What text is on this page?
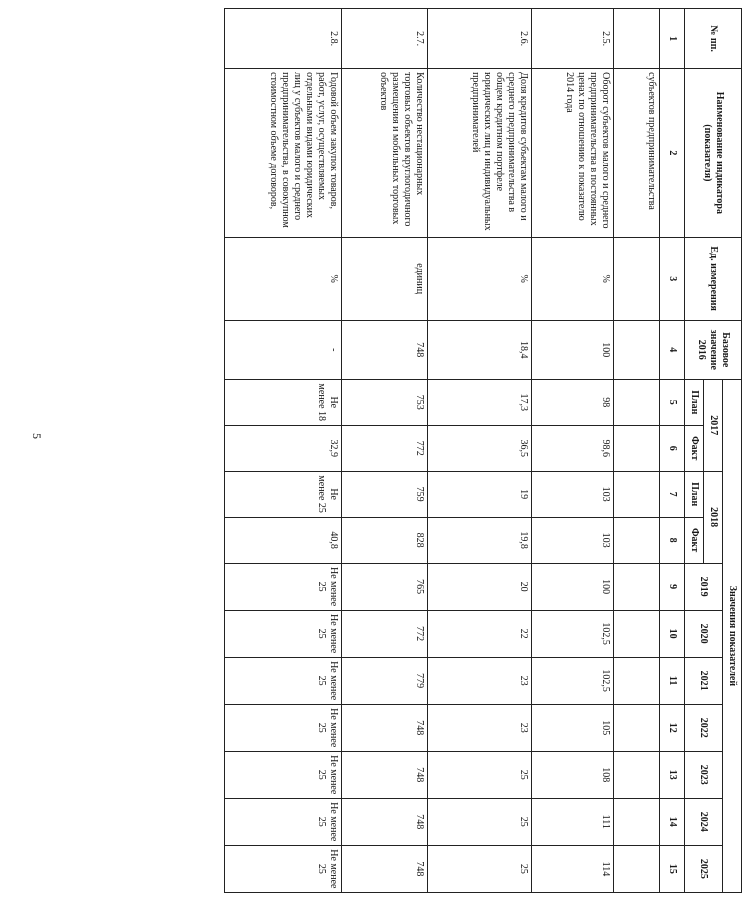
5
№ пп.	Наименование индикатора (показателя)	Ед. измерения	Базовое значение 2016	Значения показателей										
				2017		2018		2019	2020	2021	2022	2023	2024	2025
				План	Факт	План	Факт							
1	2	3	4	5	6	7	8	9	10	11	12	13	14	15
	субъектов предпринимательства													
2.5.	Оборот субъектов малого и среднего предпринимательства в постоянных ценах по отношению к показателю 2014 года	%	100	98	98,6	103	103	100	102,5	102,5	105	108	111	114
2.6.	Доля кредитов субъектам малого и среднего предпринимательства в общем кредитном портфеле юридических лиц и индивидуальных предпринимателей	%	18,4	17,3	36,5	19	19,8	20	22	23	23	25	25	25
2.7.	Количество нестационарных торговых объектов круглогодичного размещения и мобильных торговых объектов	единиц	748	753	772	759	828	765	772	779	748	748	748	748
2.8.	Годовой объем закупок товаров, работ, услуг, осуществляемых отдельными видами юридических лиц у субъектов малого и среднего предпринимательства, в совокупном стоимостном объеме договоров,	%	-	Не менее 18	32,9	Не менее 25	40,8	Не менее 25	Не менее 25	Не менее 25	Не менее 25	Не менее 25	Не менее 25	Не менее 25
